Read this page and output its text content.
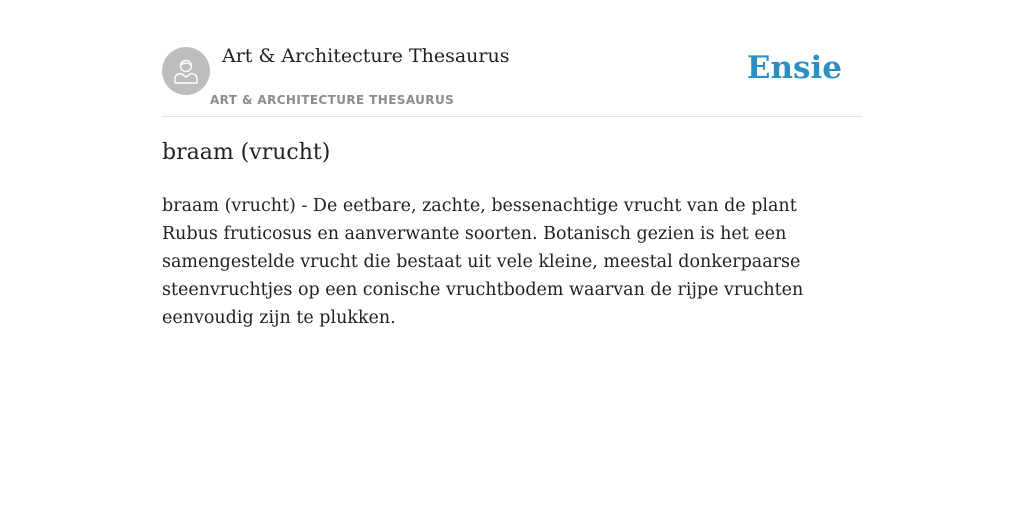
Art & Architecture Thesaurus
ART & ARCHITECTURE THESAURUS
Ensie
braam (vrucht)

braam (vrucht) - De eetbare, zachte, bessenachtige vrucht van de plant Rubus fruticosus en aanverwante soorten. Botanisch gezien is het een samengestelde vrucht die bestaat uit vele kleine, meestal donkerpaarse steenvruchtjes op een conische vruchtbodem waarvan de rijpe vruchten eenvoudig zijn te plukken.
